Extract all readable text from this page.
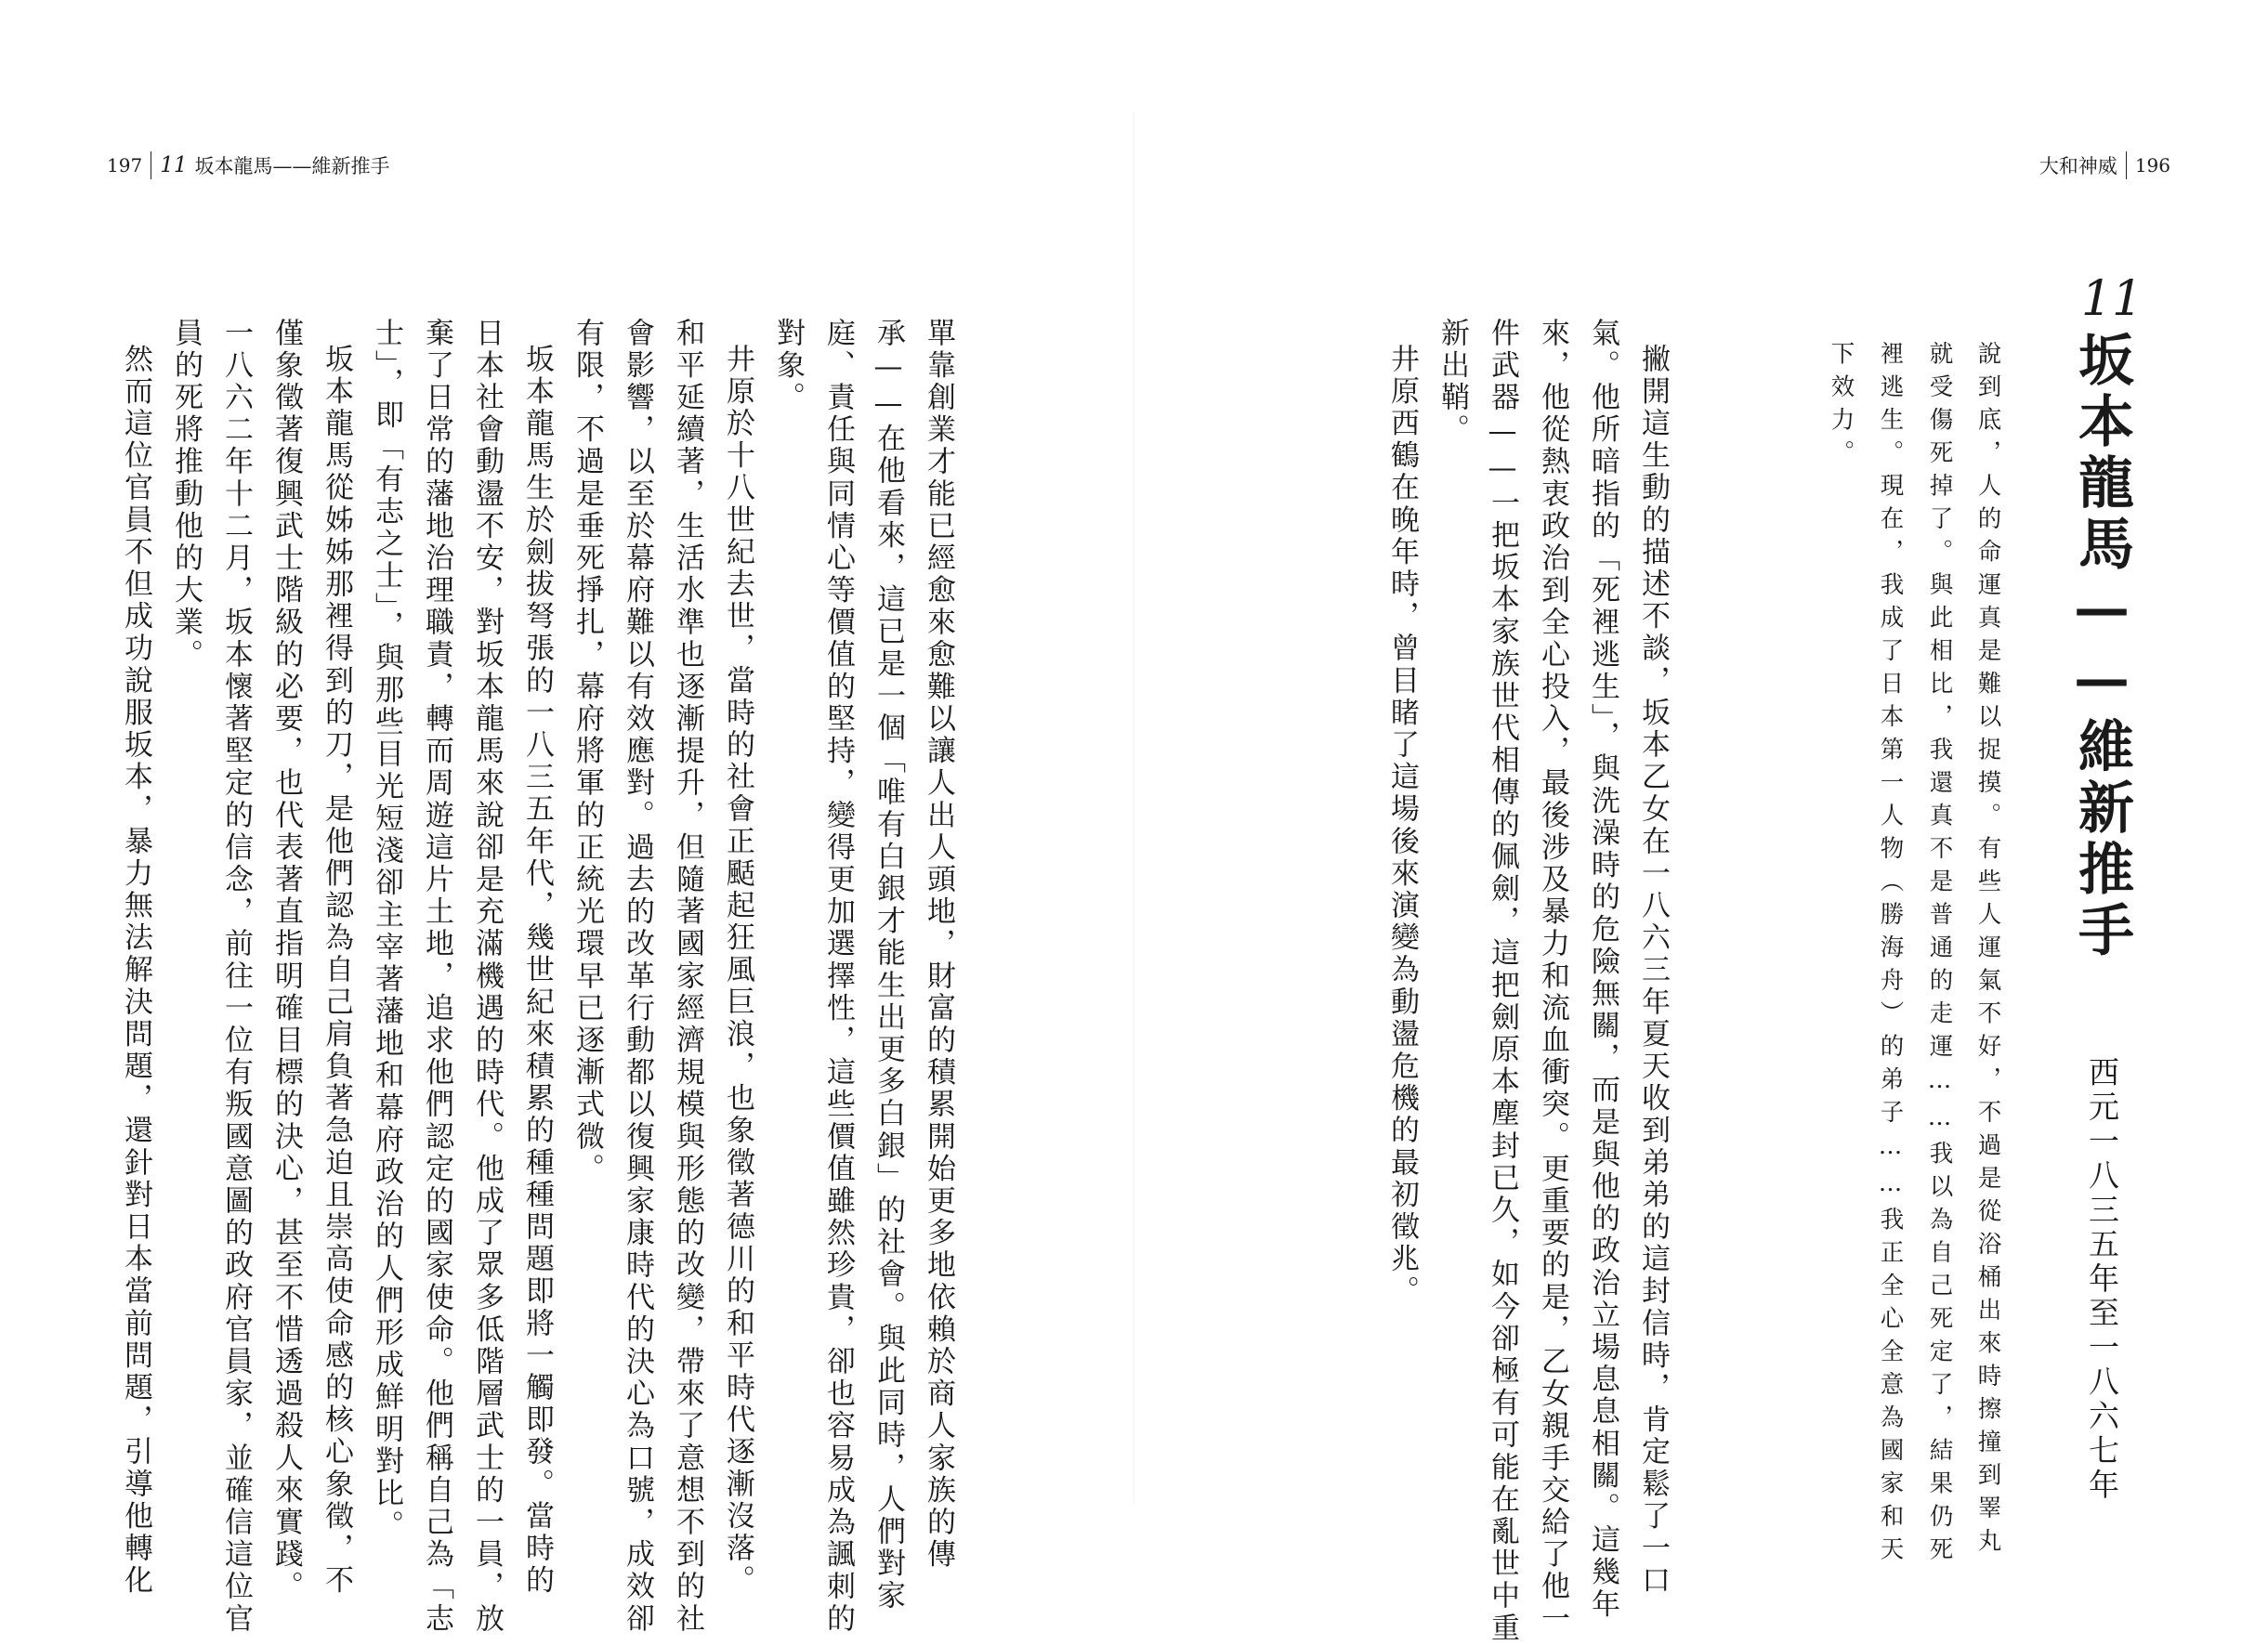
197 11 坂本龍馬——維新推手	大和神威 196
11
坂本龍馬——維新推手
西元一八三五年至一八六七年
說到底，人的命運真是難以捉摸。有些人運氣不好，不過是從浴桶出來時擦撞到睪丸
就受傷死掉了。與此相比，我還真不是普通的走運……我以為自己死定了，結果仍死
裡逃生。現在，我成了日本第一人物（勝海舟）的弟子……我正全心全意為國家和天
下效力。
撇開這生動的描述不談，坂本乙女在一八六三年夏天收到弟弟的這封信時，肯定鬆了一口
氣。他所暗指的「死裡逃生」，與洗澡時的危險無關，而是與他的政治立場息息相關。這幾年
來，他從熱衷政治到全心投入，最後涉及暴力和流血衝突。更重要的是，乙女親手交給了他一
件武器——一把坂本家族世代相傳的佩劍，這把劍原本塵封已久，如今卻極有可能在亂世中重
新出鞘。
井原西鶴在晚年時，曾目睹了這場後來演變為動盪危機的最初徵兆。
單靠創業才能已經愈來愈難以讓人出人頭地，財富的積累開始更多地依賴於商人家族的傳
承——在他看來，這已是一個「唯有白銀才能生出更多白銀」的社會。與此同時，人們對家
庭、責任與同情心等價值的堅持，變得更加選擇性，這些價值雖然珍貴，卻也容易成為諷刺的
對象。
井原於十八世紀去世，當時的社會正颳起狂風巨浪，也象徵著德川的和平時代逐漸沒落。
和平延續著，生活水準也逐漸提升，但隨著國家經濟規模與形態的改變，帶來了意想不到的社
會影響，以至於幕府難以有效應對。過去的改革行動都以復興家康時代的決心為口號，成效卻
有限，不過是垂死掙扎，幕府將軍的正統光環早已逐漸式微。
坂本龍馬生於劍拔弩張的一八三五年代，幾世紀來積累的種種問題即將一觸即發。當時的
日本社會動盪不安，對坂本龍馬來說卻是充滿機遇的時代。他成了眾多低階層武士的一員，放
棄了日常的藩地治理職責，轉而周遊這片土地，追求他們認定的國家使命。他們稱自己為「志
士」，即「有志之士」，與那些目光短淺卻主宰著藩地和幕府政治的人們形成鮮明對比。
坂本龍馬從姊姊那裡得到的刀，是他們認為自己肩負著急迫且崇高使命感的核心象徵，不
僅象徵著復興武士階級的必要，也代表著直指明確目標的決心，甚至不惜透過殺人來實踐。
一八六二年十二月，坂本懷著堅定的信念，前往一位有叛國意圖的政府官員家，並確信這位官
員的死將推動他的大業。
然而這位官員不但成功說服坂本，暴力無法解決問題，還針對日本當前問題，引導他轉化
